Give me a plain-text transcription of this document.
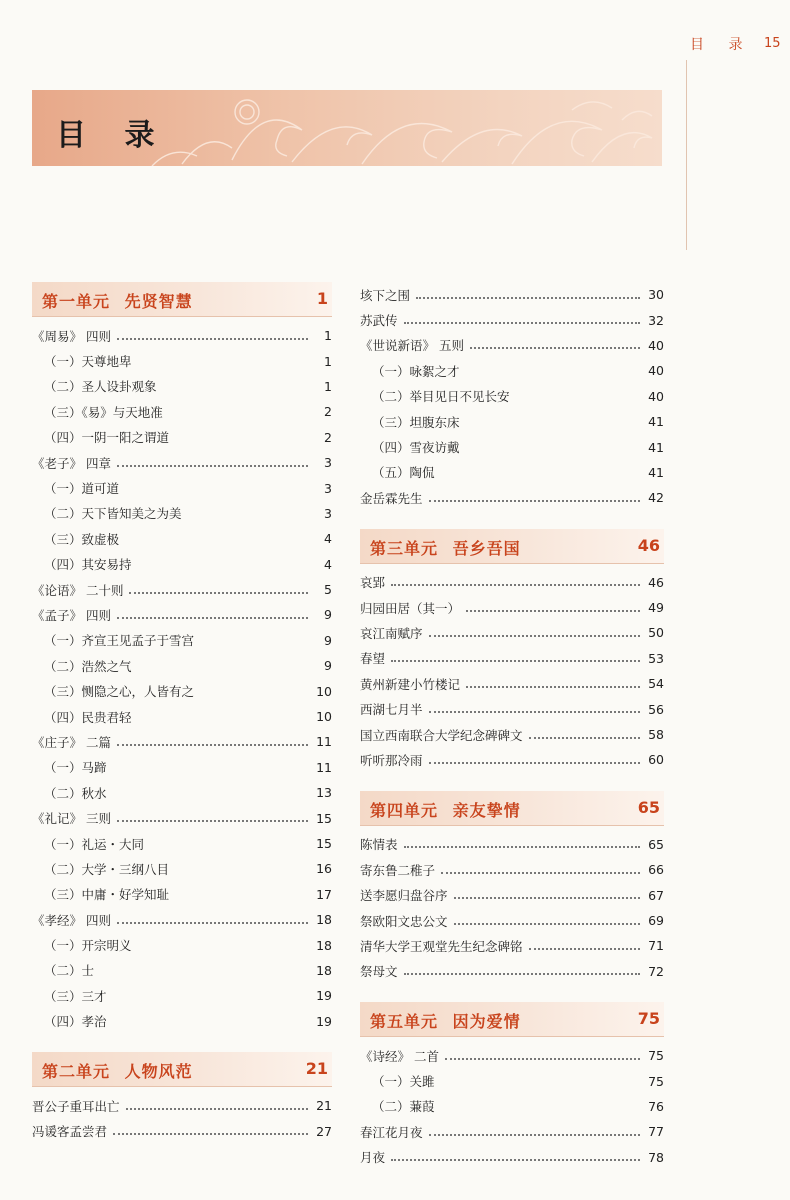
目 录 15
目 录
第一单元 先贤智慧	1
《周易》 四则	1
（一）天尊地卑	1
（二）圣人设卦观象	1
（三）《易》与天地准	2
（四）一阴一阳之谓道	2
《老子》 四章	3
（一）道可道	3
（二）天下皆知美之为美	3
（三）致虚极	4
（四）其安易持	4
《论语》 二十则	5
《孟子》 四则	9
（一）齐宣王见孟子于雪宫	9
（二）浩然之气	9
（三）恻隐之心，人皆有之	10
（四）民贵君轻	10
《庄子》 二篇	11
（一）马蹄	11
（二）秋水	13
《礼记》 三则	15
（一）礼运・大同	15
（二）大学・三纲八目	16
（三）中庸・好学知耻	17
《孝经》 四则	18
（一）开宗明义	18
（二）士	18
（三）三才	19
（四）孝治	19
第二单元 人物风范	21
晋公子重耳出亡	21
冯谖客孟尝君	27
垓下之围	30
苏武传	32
《世说新语》 五则	40
（一）咏絮之才	40
（二）举目见日不见长安	40
（三）坦腹东床	41
（四）雪夜访戴	41
（五）陶侃	41
金岳霖先生	42
第三单元 吾乡吾国	46
哀郢	46
归园田居（其一）	49
哀江南赋序	50
春望	53
黄州新建小竹楼记	54
西湖七月半	56
国立西南联合大学纪念碑碑文	58
听听那冷雨	60
第四单元 亲友挚情	65
陈情表	65
寄东鲁二稚子	66
送李愿归盘谷序	67
祭欧阳文忠公文	69
清华大学王观堂先生纪念碑铭	71
祭母文	72
第五单元 因为爱情	75
《诗经》 二首	75
（一）关雎	75
（二）蒹葭	76
春江花月夜	77
月夜	78
